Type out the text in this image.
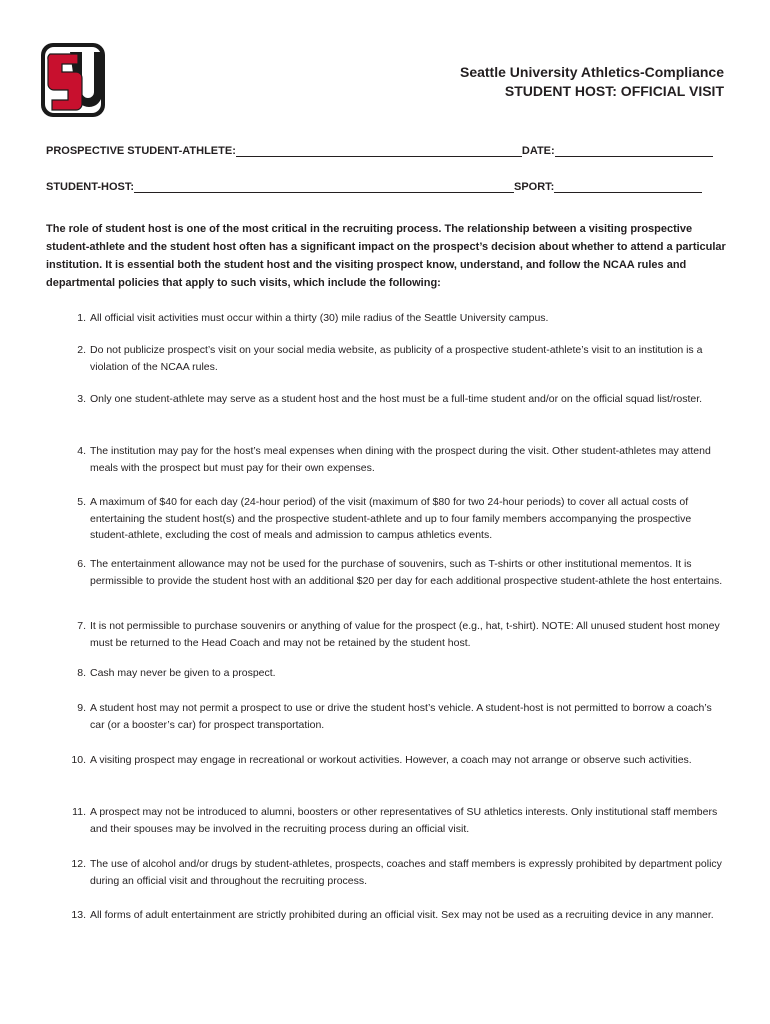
Seattle University Athletics-Compliance
STUDENT HOST: OFFICIAL VISIT
PROSPECTIVE STUDENT-ATHLETE:	DATE:
STUDENT-HOST:	SPORT:
The role of student host is one of the most critical in the recruiting process. The relationship between a visiting prospective student-athlete and the student host often has a significant impact on the prospect’s decision about whether to attend a particular institution. It is essential both the student host and the visiting prospect know, understand, and follow the NCAA rules and departmental policies that apply to such visits, which include the following:
1. All official visit activities must occur within a thirty (30) mile radius of the Seattle University campus.
2. Do not publicize prospect’s visit on your social media website, as publicity of a prospective student-athlete’s visit to an institution is a violation of the NCAA rules.
3. Only one student-athlete may serve as a student host and the host must be a full-time student and/or on the official squad list/roster.
4. The institution may pay for the host’s meal expenses when dining with the prospect during the visit. Other student-athletes may attend meals with the prospect but must pay for their own expenses.
5. A maximum of $40 for each day (24-hour period) of the visit (maximum of $80 for two 24-hour periods) to cover all actual costs of entertaining the student host(s) and the prospective student-athlete and up to four family members accompanying the prospective student-athlete, excluding the cost of meals and admission to campus athletics events.
6. The entertainment allowance may not be used for the purchase of souvenirs, such as T-shirts or other institutional mementos. It is permissible to provide the student host with an additional $20 per day for each additional prospective student-athlete the host entertains.
7. It is not permissible to purchase souvenirs or anything of value for the prospect (e.g., hat, t-shirt). NOTE: All unused student host money must be returned to the Head Coach and may not be retained by the student host.
8. Cash may never be given to a prospect.
9. A student host may not permit a prospect to use or drive the student host’s vehicle. A student-host is not permitted to borrow a coach’s car (or a booster’s car) for prospect transportation.
10. A visiting prospect may engage in recreational or workout activities. However, a coach may not arrange or observe such activities.
11. A prospect may not be introduced to alumni, boosters or other representatives of SU athletics interests. Only institutional staff members and their spouses may be involved in the recruiting process during an official visit.
12. The use of alcohol and/or drugs by student-athletes, prospects, coaches and staff members is expressly prohibited by department policy during an official visit and throughout the recruiting process.
13. All forms of adult entertainment are strictly prohibited during an official visit. Sex may not be used as a recruiting device in any manner.
